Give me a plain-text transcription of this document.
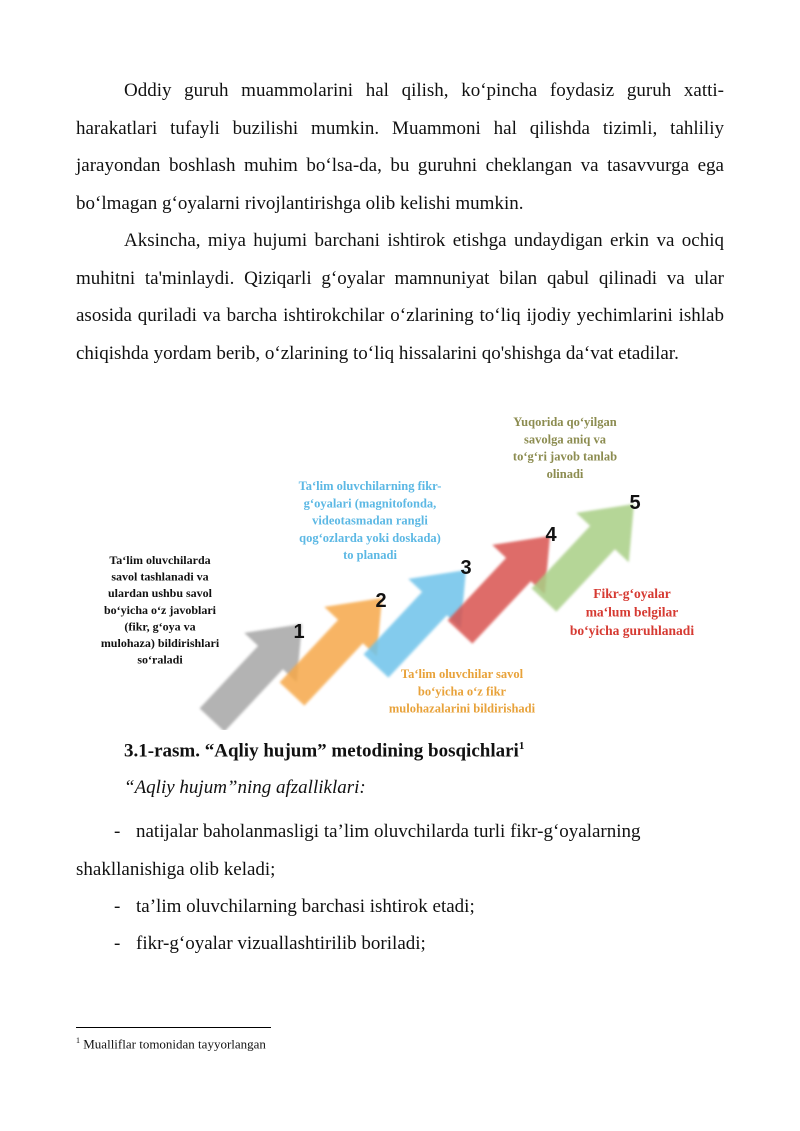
Oddiy guruh muammolarini hal qilish, koʻpincha foydasiz guruh xatti-harakatlari tufayli buzilishi mumkin. Muammoni hal qilishda tizimli, tahliliy jarayondan boshlash muhim boʻlsa-da, bu guruhni cheklangan va tasavvurga ega boʻlmagan gʻoyalarni rivojlantirishga olib kelishi mumkin.

Aksincha, miya hujumi barchani ishtirok etishga undaydigan erkin va ochiq muhitni ta'minlaydi. Qiziqarli gʻoyalar mamnuniyat bilan qabul qilinadi va ular asosida quriladi va barcha ishtirokchilar oʻzlarining toʻliq ijodiy yechimlarini ishlab chiqishda yordam berib, oʻzlarining toʻliq hissalarini qo'shishga daʻvat etadilar.

1
2
3
4
5
Taʻlim oluvchilarda savol tashlanadi va ulardan ushbu savol boʻyicha oʻz javoblari (fikr, gʻoya va mulohaza) bildirishlari soʻraladi
Taʻlim oluvchilar savol boʻyicha oʻz fikr mulohazalarini bildirishadi
Taʻlim oluvchilarning fikr-gʻoyalari (magnitofonda, videotasmadan rangli qogʻozlarda yoki doskada) to planadi
Fikr-gʻoyalar maʻlum belgilar boʻyicha guruhlanadi
Yuqorida qoʻyilgan savolga aniq va toʻgʻri javob tanlab olinadi

3.1-rasm. “Aqliy hujum” metodining bosqichlari$^1$

“Aqliy hujum”ning afzalliklari:

- natijalar baholanmasligi taʼlim oluvchilarda turli fikr-gʻoyalarning shakllanishiga olib keladi;

- taʼlim oluvchilarning barchasi ishtirok etadi;

- fikr-gʻoyalar vizuallashtirilib boriladi;

$^1$ Mualliflar tomonidan tayyorlangan
